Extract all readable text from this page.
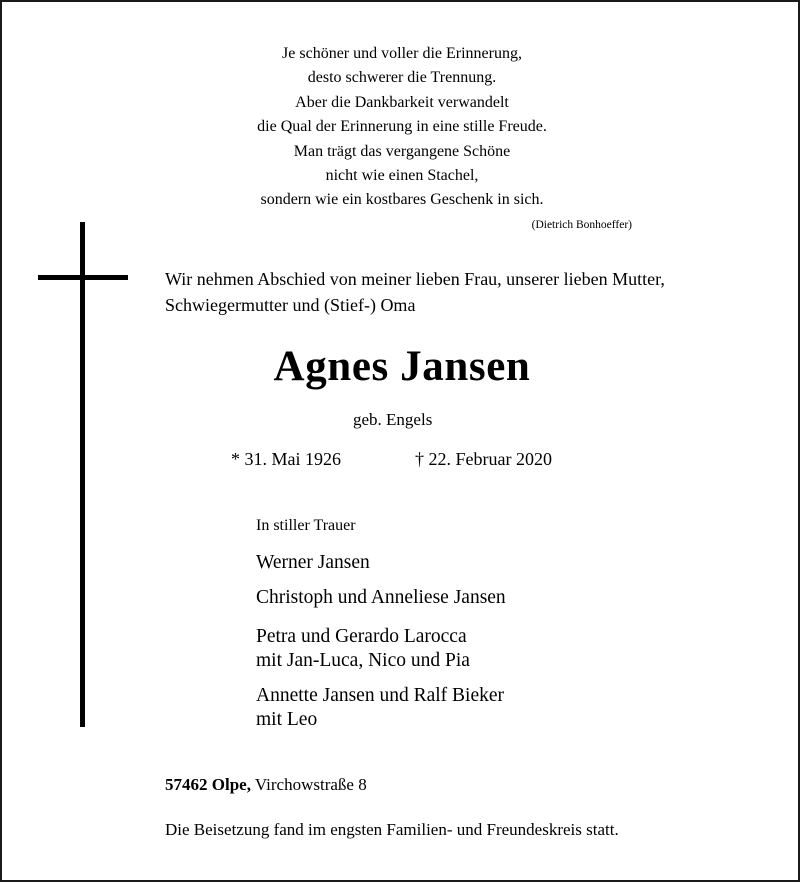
Je schöner und voller die Erinnerung,
desto schwerer die Trennung.
Aber die Dankbarkeit verwandelt
die Qual der Erinnerung in eine stille Freude.
Man trägt das vergangene Schöne
nicht wie einen Stachel,
sondern wie ein kostbares Geschenk in sich.
(Dietrich Bonhoeffer)
Wir nehmen Abschied von meiner lieben Frau, unserer lieben Mutter,
Schwiegermutter und (Stief-) Oma
Agnes Jansen
geb. Engels
* 31. Mai 1926	† 22. Februar 2020
In stiller Trauer
Werner Jansen
Christoph und Anneliese Jansen
Petra und Gerardo Larocca
mit Jan-Luca, Nico und Pia
Annette Jansen und Ralf Bieker
mit Leo
57462 Olpe, Virchowstraße 8
Die Beisetzung fand im engsten Familien- und Freundeskreis statt.
